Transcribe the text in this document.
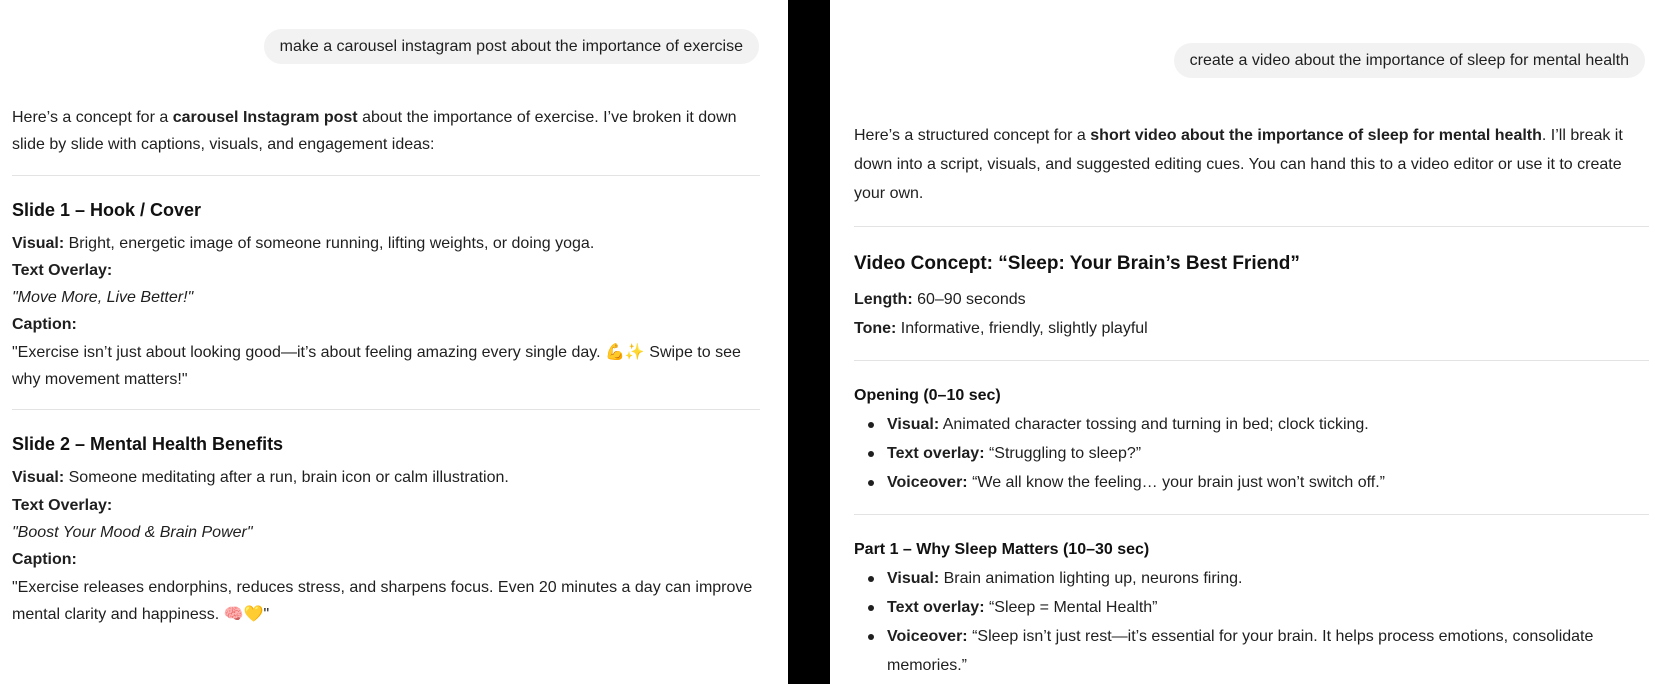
make a carousel instagram post about the importance of exercise

Here’s a concept for a carousel Instagram post about the importance of exercise. I’ve broken it down slide by slide with captions, visuals, and engagement ideas:

Slide 1 – Hook / Cover
Visual: Bright, energetic image of someone running, lifting weights, or doing yoga.
Text Overlay:
"Move More, Live Better!"
Caption:
"Exercise isn’t just about looking good—it’s about feeling amazing every single day. 💪✨ Swipe to see why movement matters!"
Slide 2 – Mental Health Benefits
Visual: Someone meditating after a run, brain icon or calm illustration.
Text Overlay:
"Boost Your Mood & Brain Power"
Caption:
"Exercise releases endorphins, reduces stress, and sharpens focus. Even 20 minutes a day can improve mental clarity and happiness. 🧠💛"
create a video about the importance of sleep for mental health

Here’s a structured concept for a short video about the importance of sleep for mental health. I’ll break it down into a script, visuals, and suggested editing cues. You can hand this to a video editor or use it to create your own.

Video Concept: “Sleep: Your Brain’s Best Friend”
Length: 60–90 seconds
Tone: Informative, friendly, slightly playful
Opening (0–10 sec)
Visual: Animated character tossing and turning in bed; clock ticking.
Text overlay: “Struggling to sleep?”
Voiceover: “We all know the feeling… your brain just won’t switch off.”
Part 1 – Why Sleep Matters (10–30 sec)
Visual: Brain animation lighting up, neurons firing.
Text overlay: “Sleep = Mental Health”
Voiceover: “Sleep isn’t just rest—it’s essential for your brain. It helps process emotions, consolidate memories.”
